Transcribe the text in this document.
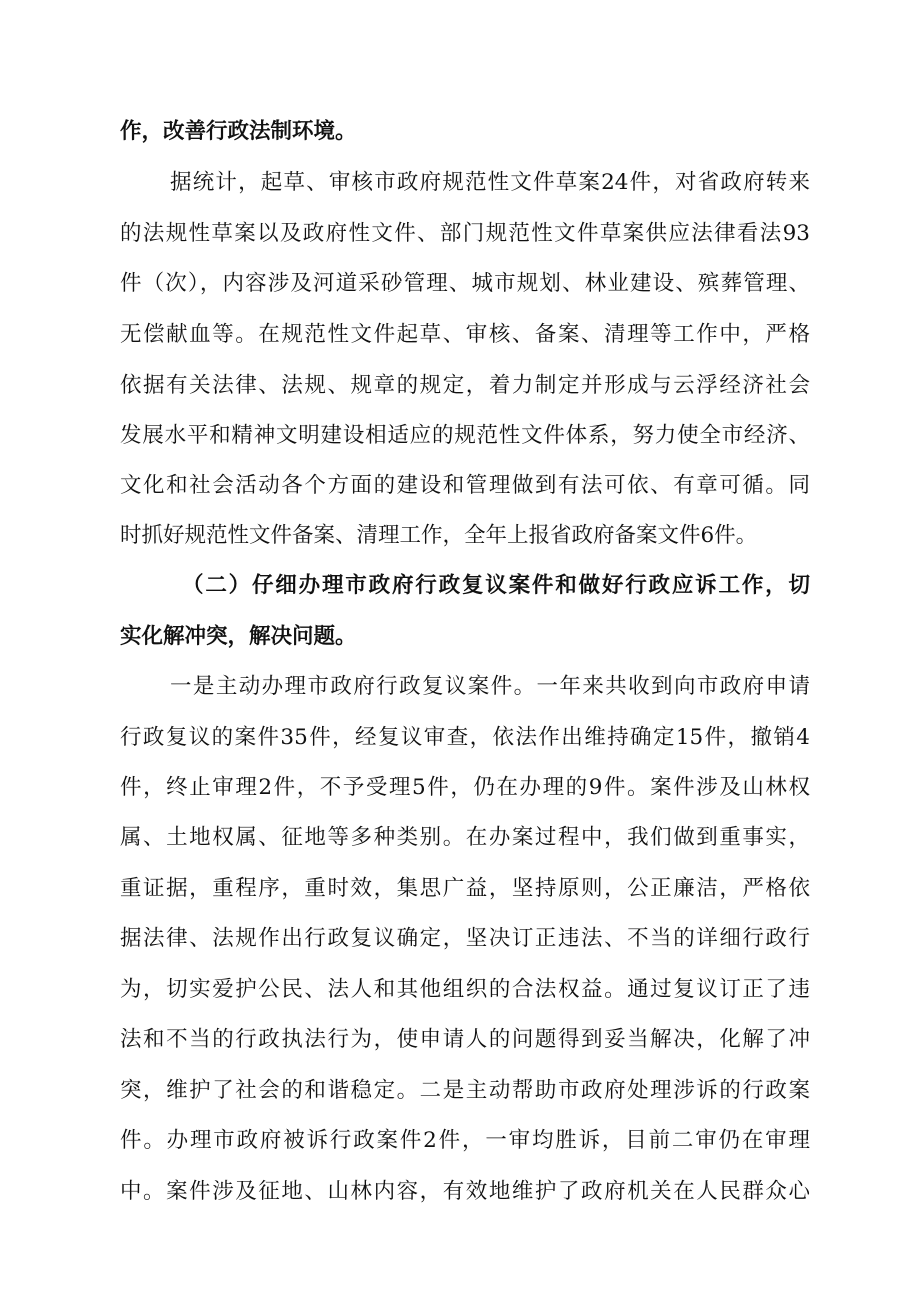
作，改善行政法制环境。
据统计，起草、审核市政府规范性文件草案24件，对省政府转来
的法规性草案以及政府性文件、部门规范性文件草案供应法律看法93
件（次），内容涉及河道采砂管理、城市规划、林业建设、殡葬管理、
无偿献血等。在规范性文件起草、审核、备案、清理等工作中，严格
依据有关法律、法规、规章的规定，着力制定并形成与云浮经济社会
发展水平和精神文明建设相适应的规范性文件体系，努力使全市经济、
文化和社会活动各个方面的建设和管理做到有法可依、有章可循。同
时抓好规范性文件备案、清理工作，全年上报省政府备案文件6件。
（二）仔细办理市政府行政复议案件和做好行政应诉工作，切
实化解冲突，解决问题。
一是主动办理市政府行政复议案件。一年来共收到向市政府申请
行政复议的案件35件，经复议审查，依法作出维持确定15件，撤销4
件，终止审理2件，不予受理5件，仍在办理的9件。案件涉及山林权
属、土地权属、征地等多种类别。在办案过程中，我们做到重事实，
重证据，重程序，重时效，集思广益，坚持原则，公正廉洁，严格依
据法律、法规作出行政复议确定，坚决订正违法、不当的详细行政行
为，切实爱护公民、法人和其他组织的合法权益。通过复议订正了违
法和不当的行政执法行为，使申请人的问题得到妥当解决，化解了冲
突，维护了社会的和谐稳定。二是主动帮助市政府处理涉诉的行政案
件。办理市政府被诉行政案件2件，一审均胜诉，目前二审仍在审理
中。案件涉及征地、山林内容，有效地维护了政府机关在人民群众心
